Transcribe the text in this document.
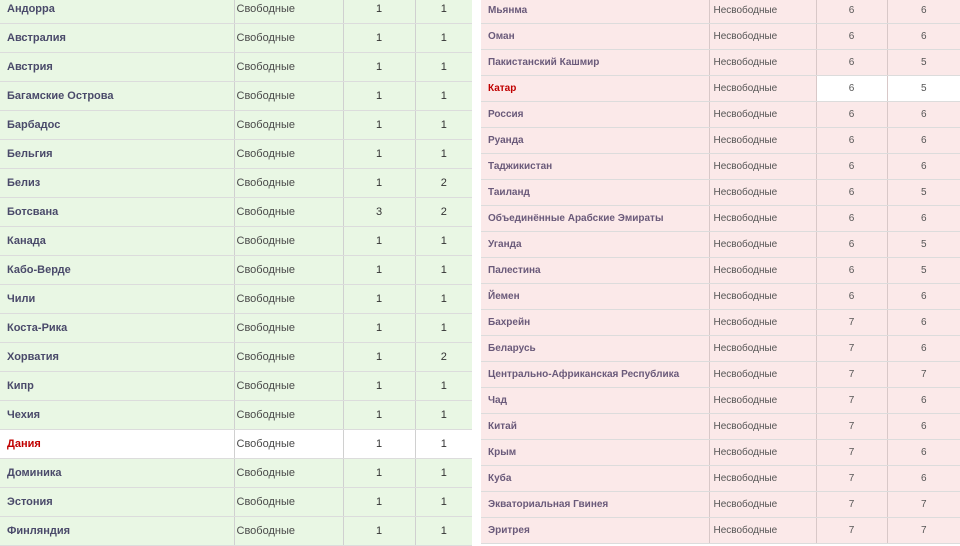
Андорра	Свободные	1	1
Австралия	Свободные	1	1
Австрия	Свободные	1	1
Багамские Острова	Свободные	1	1
Барбадос	Свободные	1	1
Бельгия	Свободные	1	1
Белиз	Свободные	1	2
Ботсвана	Свободные	3	2
Канада	Свободные	1	1
Кабо-Верде	Свободные	1	1
Чили	Свободные	1	1
Коста-Рика	Свободные	1	1
Хорватия	Свободные	1	2
Кипр	Свободные	1	1
Чехия	Свободные	1	1
Дания	Свободные	1	1
Доминика	Свободные	1	1
Эстония	Свободные	1	1
Финляндия	Свободные	1	1
Мьянма	Несвободные	6	6
Оман	Несвободные	6	6
Пакистанский Кашмир	Несвободные	6	5
Катар	Несвободные	6	5
Россия	Несвободные	6	6
Руанда	Несвободные	6	6
Таджикистан	Несвободные	6	6
Таиланд	Несвободные	6	5
Объединённые Арабские Эмираты	Несвободные	6	6
Уганда	Несвободные	6	5
Палестина	Несвободные	6	5
Йемен	Несвободные	6	6
Бахрейн	Несвободные	7	6
Беларусь	Несвободные	7	6
Центрально-Африканская Республика	Несвободные	7	7
Чад	Несвободные	7	6
Китай	Несвободные	7	6
Крым	Несвободные	7	6
Куба	Несвободные	7	6
Экваториальная Гвинея	Несвободные	7	7
Эритрея	Несвободные	7	7
